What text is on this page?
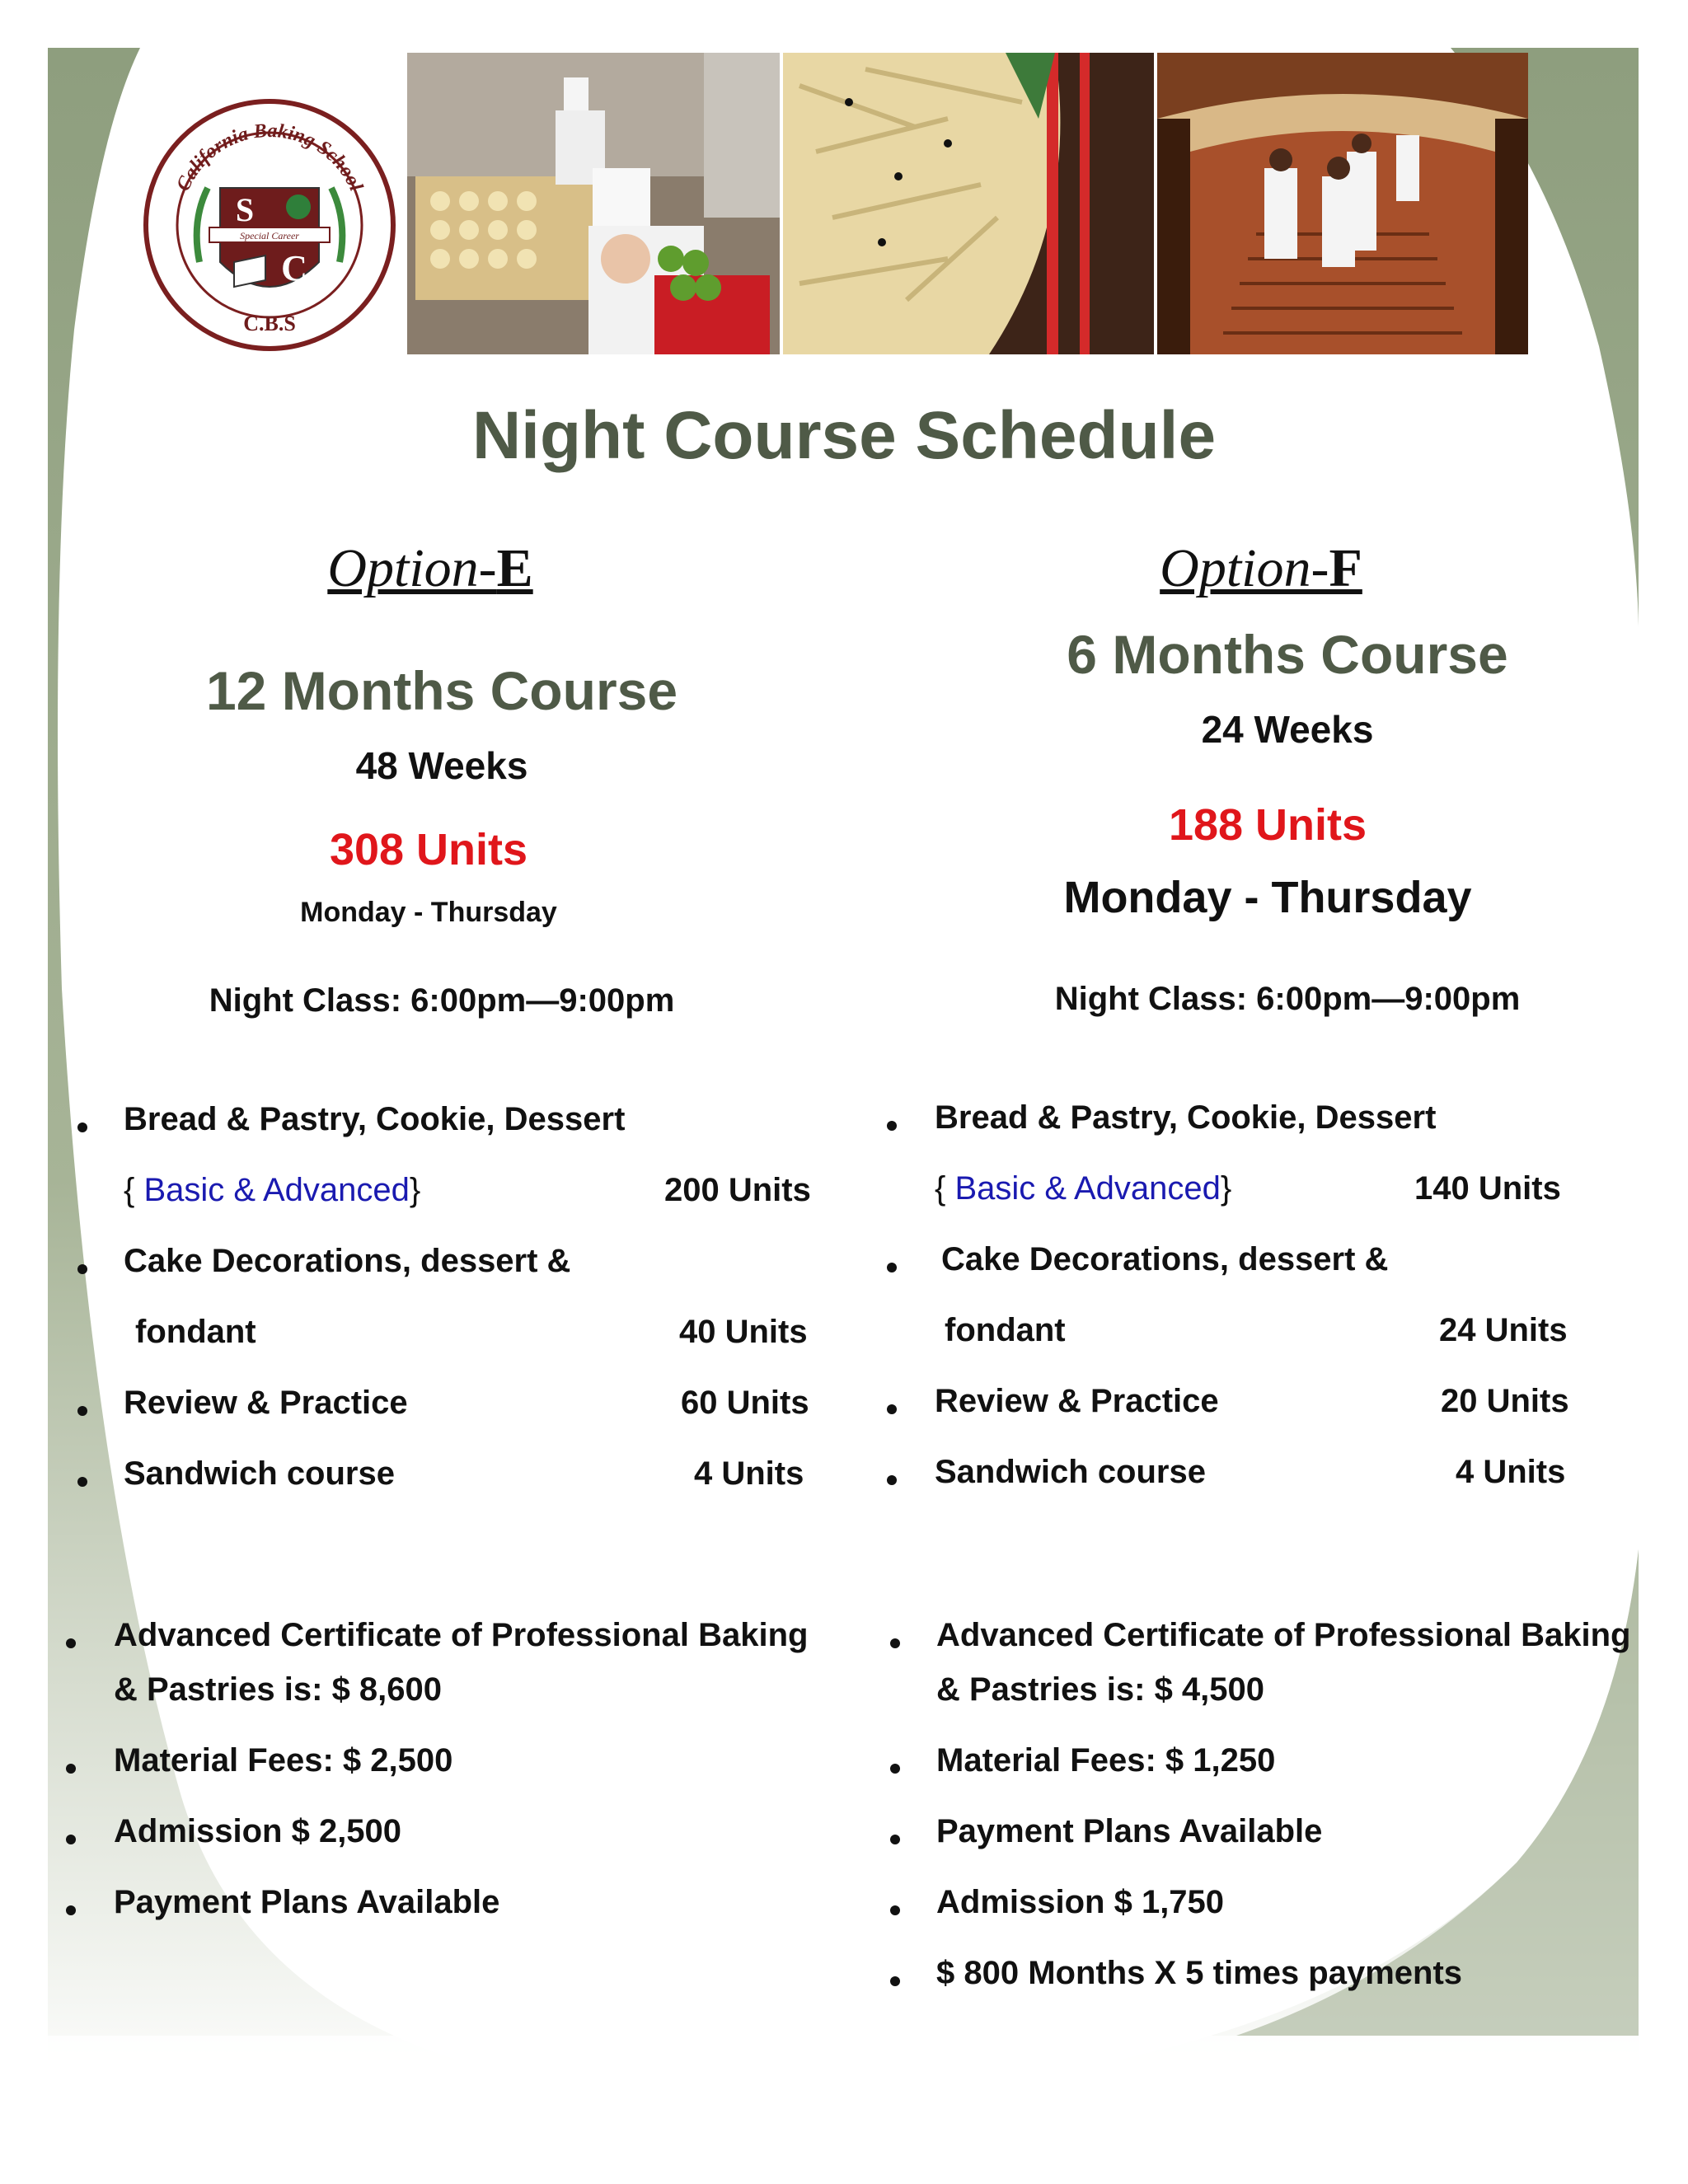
Special Career
S
C
California Baking School
C.B.S
Night Course Schedule
Option-E
12 Months Course
48 Weeks
308 Units
Monday - Thursday
Night Class: 6:00pm—9:00pm
Bread & Pastry, Cookie, Dessert
{ Basic & Advanced}	200 Units
Cake Decorations, dessert &
fondant	40 Units
Review & Practice	60 Units
Sandwich course	4 Units
Advanced Certificate of Professional Baking
& Pastries is: $ 8,600
Material Fees: $ 2,500
Admission $ 2,500
Payment Plans Available
Option-F
6 Months Course
24 Weeks
188 Units
Monday - Thursday
Night Class: 6:00pm—9:00pm
Bread & Pastry, Cookie, Dessert
{ Basic & Advanced}	140 Units
Cake Decorations, dessert &
fondant	24 Units
Review & Practice	20 Units
Sandwich course	4 Units
Advanced Certificate of Professional Baking
& Pastries is: $ 4,500
Material Fees: $ 1,250
Payment Plans Available
Admission $ 1,750
$ 800 Months X 5 times payments
